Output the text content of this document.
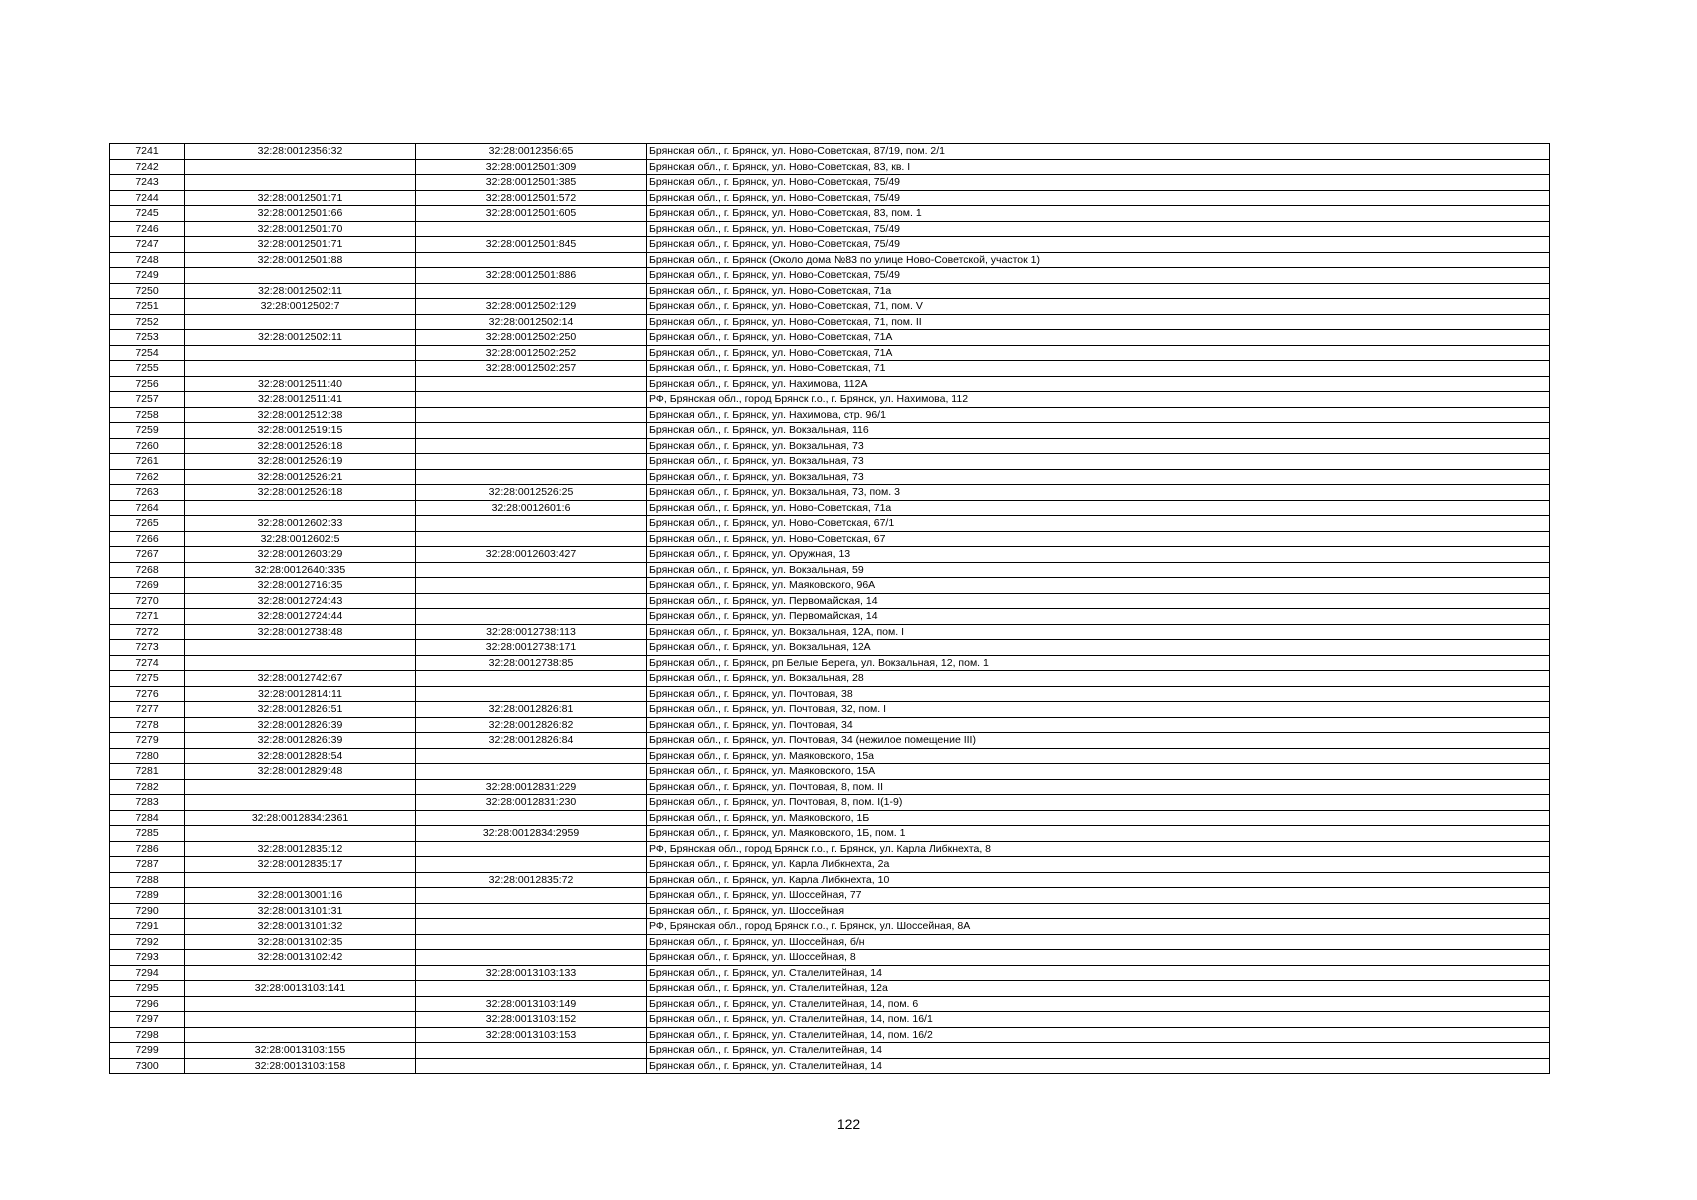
7241	32:28:0012356:32	32:28:0012356:65	Брянская обл., г. Брянск, ул. Ново-Советская, 87/19, пом. 2/1
7242		32:28:0012501:309	Брянская обл., г. Брянск, ул. Ново-Советская, 83, кв. I
7243		32:28:0012501:385	Брянская обл., г. Брянск, ул. Ново-Советская, 75/49
7244	32:28:0012501:71	32:28:0012501:572	Брянская обл., г. Брянск, ул. Ново-Советская, 75/49
7245	32:28:0012501:66	32:28:0012501:605	Брянская обл., г. Брянск, ул. Ново-Советская, 83, пом. 1
7246	32:28:0012501:70		Брянская обл., г. Брянск, ул. Ново-Советская, 75/49
7247	32:28:0012501:71	32:28:0012501:845	Брянская обл., г. Брянск, ул. Ново-Советская, 75/49
7248	32:28:0012501:88		Брянская обл., г. Брянск (Около дома №83 по улице Ново-Советской, участок 1)
7249		32:28:0012501:886	Брянская обл., г. Брянск, ул. Ново-Советская, 75/49
7250	32:28:0012502:11		Брянская обл., г. Брянск, ул. Ново-Советская, 71а
7251	32:28:0012502:7	32:28:0012502:129	Брянская обл., г. Брянск, ул. Ново-Советская, 71, пом. V
7252		32:28:0012502:14	Брянская обл., г. Брянск, ул. Ново-Советская, 71, пом. II
7253	32:28:0012502:11	32:28:0012502:250	Брянская обл., г. Брянск, ул. Ново-Советская, 71А
7254		32:28:0012502:252	Брянская обл., г. Брянск, ул. Ново-Советская, 71А
7255		32:28:0012502:257	Брянская обл., г. Брянск, ул. Ново-Советская, 71
7256	32:28:0012511:40		Брянская обл., г. Брянск, ул. Нахимова, 112А
7257	32:28:0012511:41		РФ, Брянская обл., город Брянск г.о., г. Брянск, ул. Нахимова, 112
7258	32:28:0012512:38		Брянская обл., г. Брянск, ул. Нахимова, стр. 96/1
7259	32:28:0012519:15		Брянская обл., г. Брянск, ул. Вокзальная, 116
7260	32:28:0012526:18		Брянская обл., г. Брянск, ул. Вокзальная, 73
7261	32:28:0012526:19		Брянская обл., г. Брянск, ул. Вокзальная, 73
7262	32:28:0012526:21		Брянская обл., г. Брянск, ул. Вокзальная, 73
7263	32:28:0012526:18	32:28:0012526:25	Брянская обл., г. Брянск, ул. Вокзальная, 73, пом. 3
7264		32:28:0012601:6	Брянская обл., г. Брянск, ул. Ново-Советская, 71а
7265	32:28:0012602:33		Брянская обл., г. Брянск, ул. Ново-Советская, 67/1
7266	32:28:0012602:5		Брянская обл., г. Брянск, ул. Ново-Советская, 67
7267	32:28:0012603:29	32:28:0012603:427	Брянская обл., г. Брянск, ул. Оружная, 13
7268	32:28:0012640:335		Брянская обл., г. Брянск, ул. Вокзальная, 59
7269	32:28:0012716:35		Брянская обл., г. Брянск, ул. Маяковского, 96А
7270	32:28:0012724:43		Брянская обл., г. Брянск, ул. Первомайская, 14
7271	32:28:0012724:44		Брянская обл., г. Брянск, ул. Первомайская, 14
7272	32:28:0012738:48	32:28:0012738:113	Брянская обл., г. Брянск, ул. Вокзальная, 12А, пом. I
7273		32:28:0012738:171	Брянская обл., г. Брянск, ул. Вокзальная, 12А
7274		32:28:0012738:85	Брянская обл., г. Брянск, рп Белые Берега, ул. Вокзальная, 12, пом. 1
7275	32:28:0012742:67		Брянская обл., г. Брянск, ул. Вокзальная, 28
7276	32:28:0012814:11		Брянская обл., г. Брянск, ул. Почтовая, 38
7277	32:28:0012826:51	32:28:0012826:81	Брянская обл., г. Брянск, ул. Почтовая, 32, пом. I
7278	32:28:0012826:39	32:28:0012826:82	Брянская обл., г. Брянск, ул. Почтовая, 34
7279	32:28:0012826:39	32:28:0012826:84	Брянская обл., г. Брянск, ул. Почтовая, 34 (нежилое помещение III)
7280	32:28:0012828:54		Брянская обл., г. Брянск, ул. Маяковского, 15а
7281	32:28:0012829:48		Брянская обл., г. Брянск, ул. Маяковского, 15А
7282		32:28:0012831:229	Брянская обл., г. Брянск, ул. Почтовая, 8, пом. II
7283		32:28:0012831:230	Брянская обл., г. Брянск, ул. Почтовая, 8, пом. I(1-9)
7284	32:28:0012834:2361		Брянская обл., г. Брянск, ул. Маяковского, 1Б
7285		32:28:0012834:2959	Брянская обл., г. Брянск, ул. Маяковского, 1Б, пом. 1
7286	32:28:0012835:12		РФ, Брянская обл., город Брянск г.о., г. Брянск, ул. Карла Либкнехта, 8
7287	32:28:0012835:17		Брянская обл., г. Брянск, ул. Карла Либкнехта, 2а
7288		32:28:0012835:72	Брянская обл., г. Брянск, ул. Карла Либкнехта, 10
7289	32:28:0013001:16		Брянская обл., г. Брянск, ул. Шоссейная, 77
7290	32:28:0013101:31		Брянская обл., г. Брянск, ул. Шоссейная
7291	32:28:0013101:32		РФ, Брянская обл., город Брянск г.о., г. Брянск, ул. Шоссейная, 8А
7292	32:28:0013102:35		Брянская обл., г. Брянск, ул. Шоссейная, б/н
7293	32:28:0013102:42		Брянская обл., г. Брянск, ул. Шоссейная, 8
7294		32:28:0013103:133	Брянская обл., г. Брянск, ул. Сталелитейная, 14
7295	32:28:0013103:141		Брянская обл., г. Брянск, ул. Сталелитейная, 12а
7296		32:28:0013103:149	Брянская обл., г. Брянск, ул. Сталелитейная, 14, пом. 6
7297		32:28:0013103:152	Брянская обл., г. Брянск, ул. Сталелитейная, 14, пом. 16/1
7298		32:28:0013103:153	Брянская обл., г. Брянск, ул. Сталелитейная, 14, пом. 16/2
7299	32:28:0013103:155		Брянская обл., г. Брянск, ул. Сталелитейная, 14
7300	32:28:0013103:158		Брянская обл., г. Брянск, ул. Сталелитейная, 14
122
